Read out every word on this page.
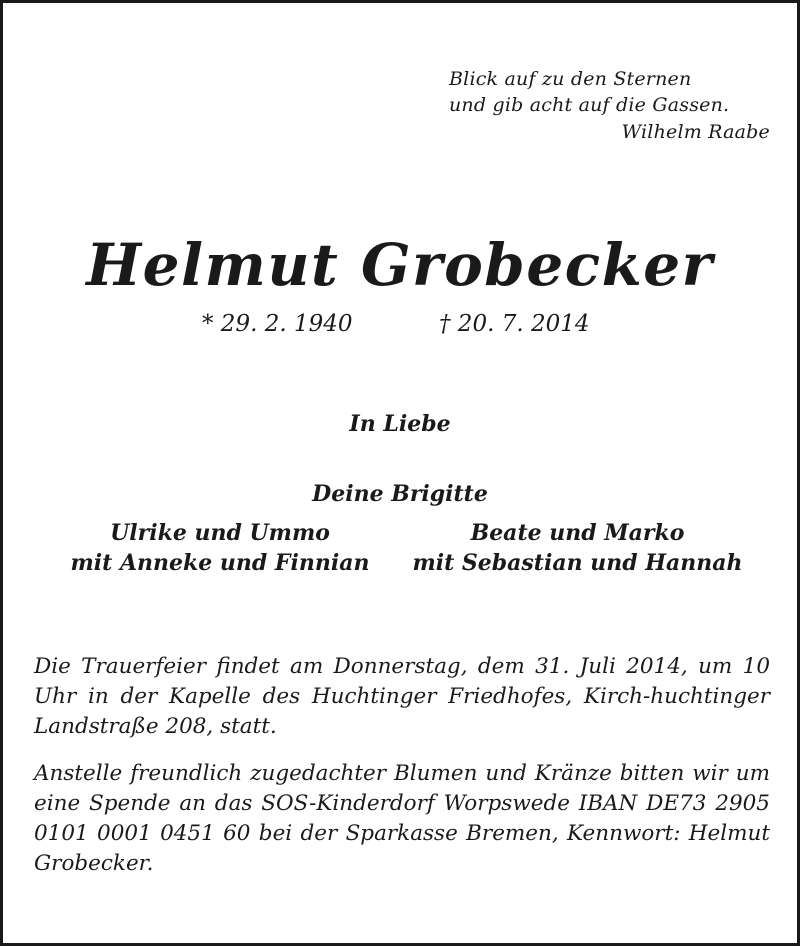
Blick auf zu den Sternen
und gib acht auf die Gassen.
Wilhelm Raabe
Helmut Grobecker
* 29. 2. 1940	† 20. 7. 2014
In Liebe
Deine Brigitte
Ulrike und Ummo
mit Anneke und Finnian
Beate und Marko
mit Sebastian und Hannah
Die Trauerfeier findet am Donnerstag, dem 31. Juli 2014, um 10 Uhr in der Kapelle des Huchtinger Friedhofes, Kirch-huchtinger Landstraße 208, statt.
Anstelle freundlich zugedachter Blumen und Kränze bitten wir um eine Spende an das SOS-Kinderdorf Worpswede IBAN DE73 2905 0101 0001 0451 60 bei der Sparkasse Bremen, Kennwort: Helmut Grobecker.
